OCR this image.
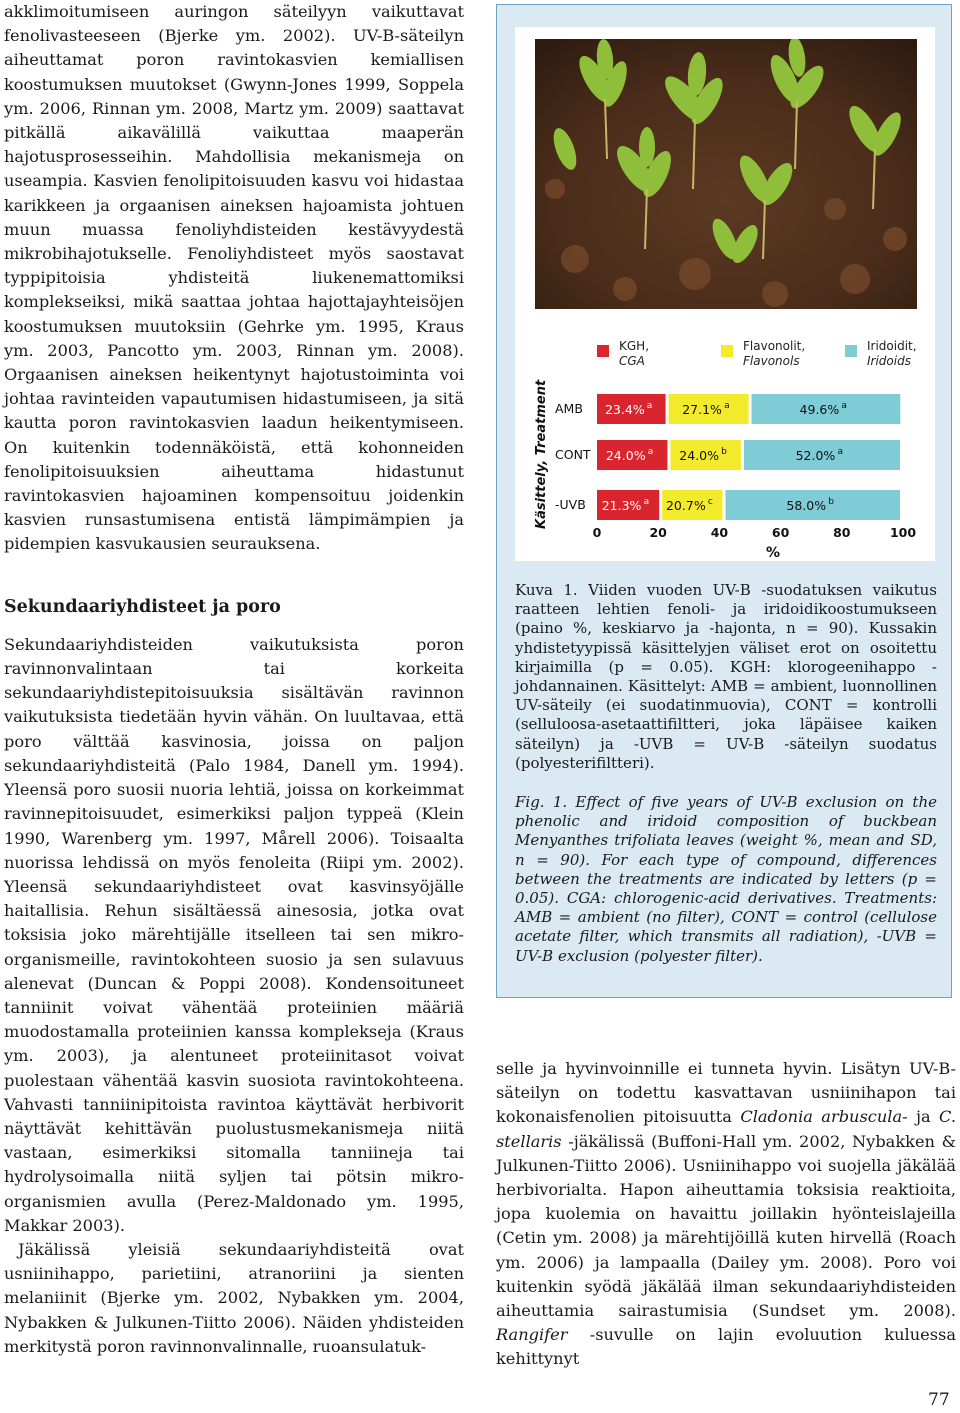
akklimoitumiseen auringon säteilyyn vaikuttavat fenolivasteeseen (Bjerke ym. 2002). UV-B-säteilyn aiheuttamat poron ravintokasvien kemiallisen koostumuksen muutokset (Gwynn-Jones 1999, Soppela ym. 2006, Rinnan ym. 2008, Martz ym. 2009) saattavat pitkällä aikavälillä vaikuttaa maaperän hajotusprosesseihin. Mahdollisia mekanismeja on useampia. Kasvien fenolipitoisuuden kasvu voi hidastaa karikkeen ja orgaanisen aineksen hajoamista johtuen muun muassa fenoliyhdisteiden kestävyydestä mikrobihajotukselle. Fenoliyhdisteet myös saostavat typpipitoisia yhdisteitä liukenemattomiksi komplekseiksi, mikä saattaa johtaa hajottajayhteisöjen koostumuksen muutoksiin (Gehrke ym. 1995, Kraus ym. 2003, Pancotto ym. 2003, Rinnan ym. 2008). Orgaanisen aineksen heikentynyt hajotustoiminta voi johtaa ravinteiden vapautumisen hidastumiseen, ja sitä kautta poron ravintokasvien laadun heikentymiseen. On kuitenkin todennäköistä, että kohonneiden fenolipitoisuuksien aiheuttama hidastunut ravintokasvien hajoaminen kompensoituu joidenkin kasvien runsastumisena entistä lämpimämpien ja pidempien kasvukausien seurauksena.

Sekundaariyhdisteet ja poro

Sekundaariyhdisteiden vaikutuksista poron ravinnonvalintaan tai korkeita sekundaariyhdistepitoisuuksia sisältävän ravinnon vaikutuksista tiedetään hyvin vähän. On luultavaa, että poro välttää kasvinosia, joissa on paljon sekundaariyhdisteitä (Palo 1984, Danell ym. 1994). Yleensä poro suosii nuoria lehtiä, joissa on korkeimmat ravinnepitoisuudet, esimerkiksi paljon typpeä (Klein 1990, Warenberg ym. 1997, Mårell 2006). Toisaalta nuorissa lehdissä on myös fenoleita (Riipi ym. 2002). Yleensä sekundaariyhdisteet ovat kasvinsyöjälle haitallisia. Rehun sisältäessä ainesosia, jotka ovat toksisia joko märehtijälle itselleen tai sen mikro-organismeille, ravintokohteen suosio ja sen sulavuus alenevat (Duncan & Poppi 2008). Kondensoituneet tanniinit voivat vähentää proteiinien määriä muodostamalla proteiinien kanssa komplekseja (Kraus ym. 2003), ja alentuneet proteiinitasot voivat puolestaan vähentää kasvin suosiota ravintokohteena. Vahvasti tanniinipitoista ravintoa käyttävät herbivorit näyttävät kehittävän puolustusmekanismeja niitä vastaan, esimerkiksi sitomalla tanniineja tai hydrolysoimalla niitä syljen tai pötsin mikro-organismien avulla (Perez-Maldonado ym. 1995, Makkar 2003).

Jäkälissä yleisiä sekundaariyhdisteitä ovat usniinihappo, parietiini, atranoriini ja sienten melaniinit (Bjerke ym. 2002, Nybakken ym. 2004, Nybakken & Julkunen-Tiitto 2006). Näiden yhdisteiden merkitystä poron ravinnonvalinnalle, ruoansulatuk-

KGH,
CGA
Flavonolit,
Flavonols
Iridoidit,
Iridoids
AMB 23.4% a 27.1% a	49.6% a
CONT 24.0% a 24.0% b	52.0% a
-UVB 21.3% a 20.7% c	58.0% b
Käsittely, Treatment
0	20	40	60	80	100
%

Kuva 1. Viiden vuoden UV-B -suodatuksen vaikutus raatteen lehtien fenoli- ja iridoidikoostumukseen (paino %, keskiarvo ja -hajonta, n = 90). Kussakin yhdistetyypissä käsittelyjen väliset erot on osoitettu kirjaimilla (p = 0.05). KGH: klorogeenihappo -johdannainen. Käsittelyt: AMB = ambient, luonnollinen UV-säteily (ei suodatinmuovia), CONT = kontrolli (selluloosa-asetaattifiltteri, joka läpäisee kaiken säteilyn) ja -UVB = UV-B -säteilyn suodatus (polyesterifiltteri).

Fig. 1. Effect of five years of UV-B exclusion on the phenolic and iridoid composition of buckbean Menyanthes trifoliata leaves (weight %, mean and SD, n = 90). For each type of compound, differences between the treatments are indicated by letters (p = 0.05). CGA: chlorogenic-acid derivatives. Treatments: AMB = ambient (no filter), CONT = control (cellulose acetate filter, which transmits all radiation), -UVB = UV-B exclusion (polyester filter).

selle ja hyvinvoinnille ei tunneta hyvin. Lisätyn UV-B-säteilyn on todettu kasvattavan usniinihapon tai kokonaisfenolien pitoisuutta Cladonia arbuscula- ja C. stellaris -jäkälissä (Buffoni-Hall ym. 2002, Nybakken & Julkunen-Tiitto 2006). Usniinihappo voi suojella jäkälää herbivorialta. Hapon aiheuttamia toksisia reaktioita, jopa kuolemia on havaittu joillakin hyönteislajeilla (Cetin ym. 2008) ja märehtijöillä kuten hirvellä (Roach ym. 2006) ja lampaalla (Dailey ym. 2008). Poro voi kuitenkin syödä jäkälää ilman sekundaariyhdisteiden aiheuttamia sairastumisia (Sundset ym. 2008). Rangifer -suvulle on lajin evoluution kuluessa kehittynyt

77
